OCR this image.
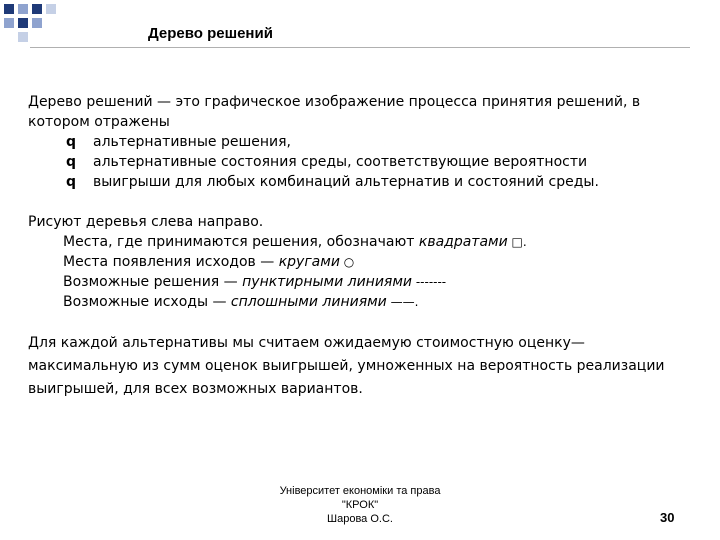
Дерево решений

Дерево решений — это графическое изображение процесса принятия решений, в котором отражены

q альтернативные решения,
q альтернативные состояния среды, соответствующие вероятности
q выигрыши для любых комбинаций альтернатив и состояний среды.

Рисуют деревья слева направо.

Места, где принимаются решения, обозначают квадратами □.

Места появления исходов — кругами ○

Возможные решения — пунктирными линиями -------

Возможные исходы — сплошными линиями ——.

Для каждой альтернативы мы считаем ожидаемую стоимостную оценку— максимальную из сумм оценок выигрышей, умноженных на вероятность реализации выигрышей, для всех возможных вариантов.

Університет економіки та права
"КРОК"
Шарова О.С.	30
